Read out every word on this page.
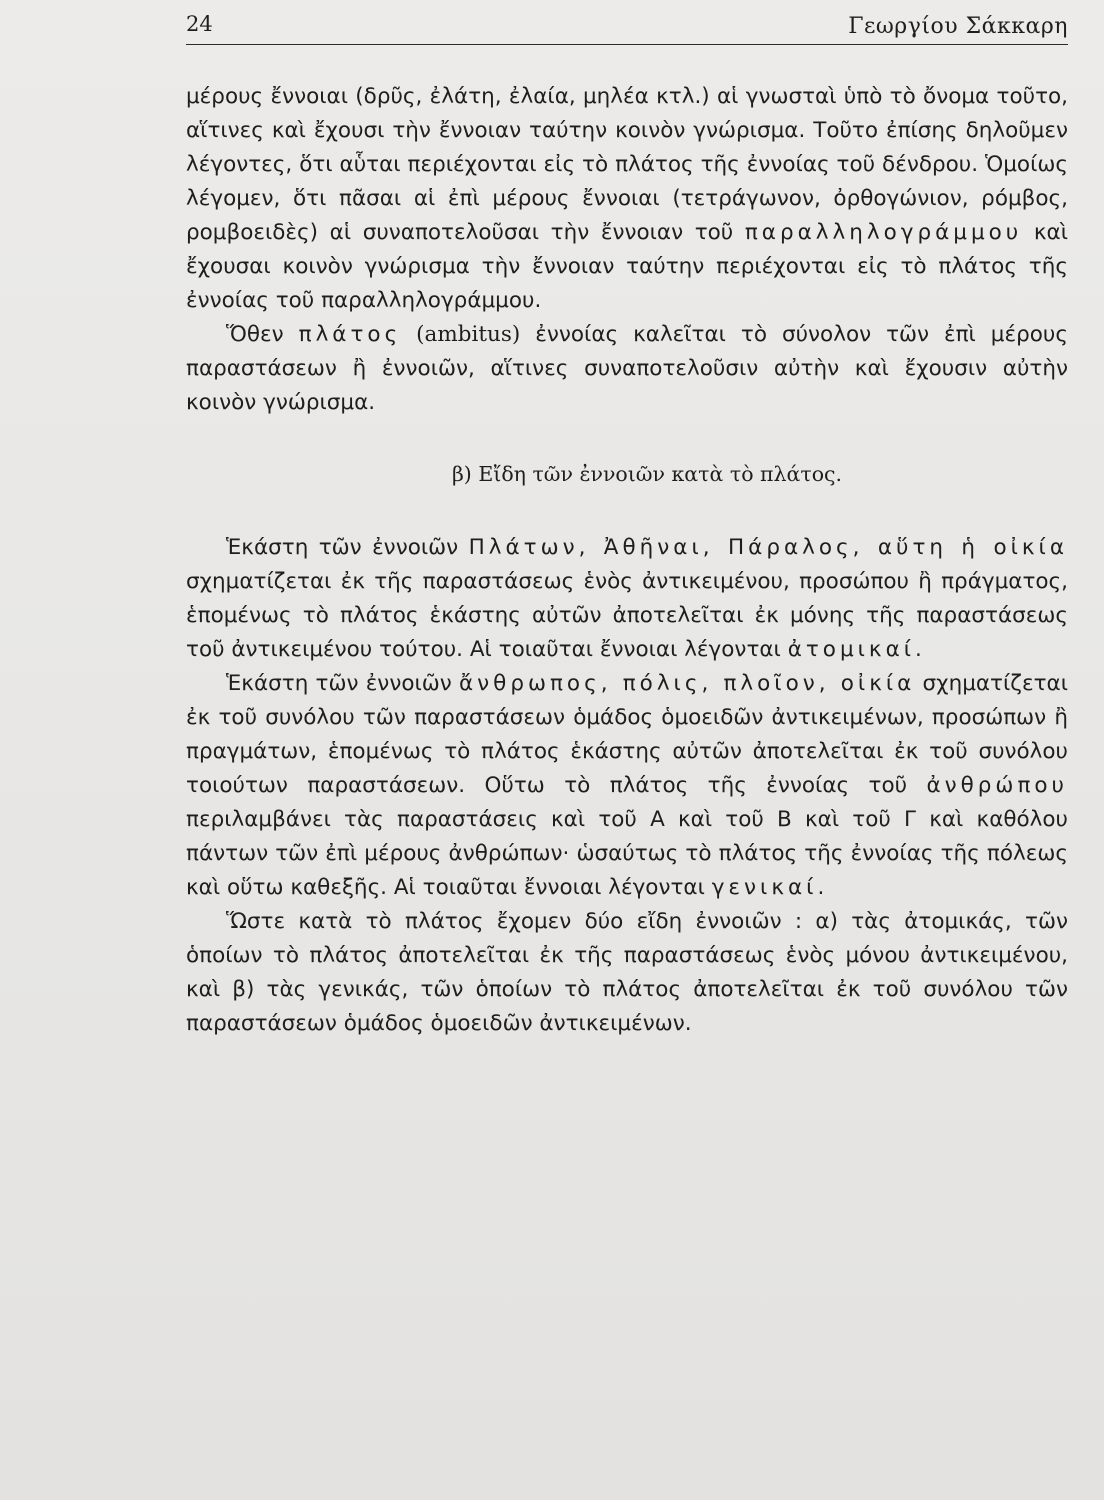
24	Γεωργίου Σάκκαρη

μέρους ἔννοιαι (δρῦς, ἐλάτη, ἐλαία, μηλέα κτλ.) αἱ γνωσταὶ ὑπὸ τὸ ὄνομα τοῦτο, αἵτινες καὶ ἔχουσι τὴν ἔννοιαν ταύτην κοινὸν γνώρισμα. Τοῦτο ἐπίσης δηλοῦμεν λέγοντες, ὅτι αὗται περιέχονται εἰς τὸ πλάτος τῆς ἐννοίας τοῦ δένδρου. Ὁμοίως λέγομεν, ὅτι πᾶσαι αἱ ἐπὶ μέρους ἔννοιαι (τετράγωνον, ὀρθογώνιον, ρόμβος, ρομβοειδὲς) αἱ συναποτελοῦσαι τὴν ἔννοιαν τοῦ παραλληλογράμμου καὶ ἔχουσαι κοινὸν γνώρισμα τὴν ἔννοιαν ταύτην περιέχονται εἰς τὸ πλάτος τῆς ἐννοίας τοῦ παραλληλογράμμου.

Ὅθεν πλάτος (ambitus) ἐννοίας καλεῖται τὸ σύνολον τῶν ἐπὶ μέρους παραστάσεων ἢ ἐννοιῶν, αἵτινες συναποτελοῦσιν αὐτὴν καὶ ἔχουσιν αὐτὴν κοινὸν γνώρισμα.

β) Εἴδη τῶν ἐννοιῶν κατὰ τὸ πλάτος.

Ἑκάστη τῶν ἐννοιῶν Πλάτων, Ἀθῆναι, Πάραλος, αὕτη ἡ οἰκία σχηματίζεται ἐκ τῆς παραστάσεως ἑνὸς ἀντικειμένου, προσώπου ἢ πράγματος, ἑπομένως τὸ πλάτος ἑκάστης αὐτῶν ἀποτελεῖται ἐκ μόνης τῆς παραστάσεως τοῦ ἀντικειμένου τούτου. Αἱ τοιαῦται ἔννοιαι λέγονται ἀτομικαί.

Ἑκάστη τῶν ἐννοιῶν ἄνθρωπος, πόλις, πλοῖον, οἰκία σχηματίζεται ἐκ τοῦ συνόλου τῶν παραστάσεων ὁμάδος ὁμοειδῶν ἀντικειμένων, προσώπων ἢ πραγμάτων, ἑπομένως τὸ πλάτος ἑκάστης αὐτῶν ἀποτελεῖται ἐκ τοῦ συνόλου τοιούτων παραστάσεων. Οὕτω τὸ πλάτος τῆς ἐννοίας τοῦ ἀνθρώπου περιλαμβάνει τὰς παραστάσεις καὶ τοῦ Α καὶ τοῦ Β καὶ τοῦ Γ καὶ καθόλου πάντων τῶν ἐπὶ μέρους ἀνθρώπων· ὡσαύτως τὸ πλάτος τῆς ἐννοίας τῆς πόλεως καὶ οὕτω καθεξῆς. Αἱ τοιαῦται ἔννοιαι λέγονται γενικαί.

Ὥστε κατὰ τὸ πλάτος ἔχομεν δύο εἴδη ἐννοιῶν : α) τὰς ἀτομικάς, τῶν ὁποίων τὸ πλάτος ἀποτελεῖται ἐκ τῆς παραστάσεως ἑνὸς μόνου ἀντικειμένου, καὶ β) τὰς γενικάς, τῶν ὁποίων τὸ πλάτος ἀποτελεῖται ἐκ τοῦ συνόλου τῶν παραστάσεων ὁμάδος ὁμοειδῶν ἀντικειμένων.
